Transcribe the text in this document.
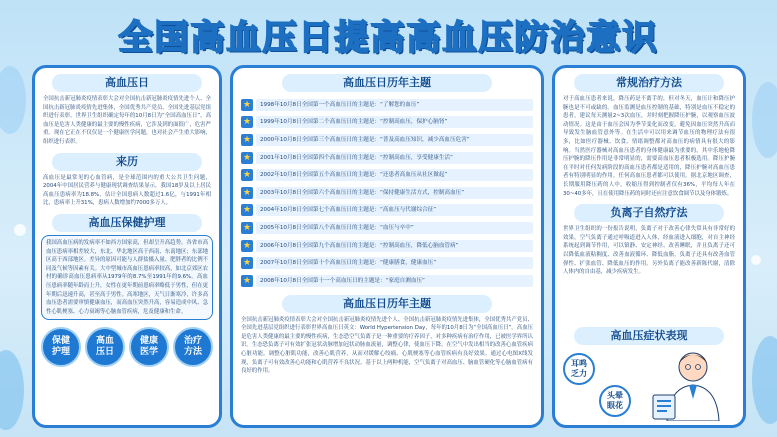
全国高血压日提高高血压防治意识
高血压日
全国抗击新冠肺炎疫情表彰大会对全国抗击新冠肺炎疫情先进个人、全国抗击新冠肺炎疫情先进集体，全国优秀共产党员、全国先进基层党组织进行表彰。世界卫生组织确定每年的10月8日为“全国高血压日”，高血压是危害人类健康的最主要的慢性疾病，它涉及到的面很广，危害严重。现在它正在不仅仅是一个健康医学问题，也对社会产生重大影响，组织进行表彰。
来历
高血压是最常见的心血管病，是全球范围内的重大公共卫生问题，2004年中国居民营养与健康现状调查结果显示，我国18岁及以上居民高血压患病率为18.8%，估计全国患病人数超过1.6亿，与1991年相比，患病率上升31%，患病人数增加约7000多万人。
高血压保健护理
我国高血压病的发病率不如西方国家高，但却呈升高趋势。各省市高血压患病率相差较大，东北、华北地区高于西南、东南地区；东部地区高于西部地区。差异的原因可能与人群盐摄入量、肥胖者的比例不同及气候等因素有关。大中型城市高血压患病率较高，如北京郊区农村的确诊高血压患病率从1979年的8.7%至1991年的9.6%。高血压患病率随年龄而上升，女性在更年期前患病率略低于男性，但在更年期后迅速升高，甚至高于男性。高寒地区，天气日渐寒冷，许多高血压患者需要审慎健康血压，而高血压突然升高，容易造成中风、急性心肌梗塞、心力衰竭等心脑血管疾病，危及健康和生命。
保健护理
高血压日
健康医学
治疗方法
高血压日历年主题
★	1998年10月8日全国第一个高血压日的主题是：“了解您的血压”
★	1999年10月8日全国第二个高血压日的主题是：“控制高血压，保护心脑肾”
★	2000年10月8日全国第三个高血压日的主题是：“普及高血压知识，减少高血压危害”
★	2001年10月8日全国第四个高血压日的主题是：“控制高血压，享受健康生活”
★	2002年10月8日全国第五个高血压日的主题是：“还患者高血压从社区做起”
★	2003年10月8日全国第六个高血压日的主题是：“保持健康生活方式，控制高血压”
★	2004年10月8日全国第七个高血压日的主题是：“高血压与代谢综合征”
★	2005年10月8日全国第八个高血压日的主题是：“血压与卒中”
★	2006年10月8日全国第九个高血压日的主题是：“控制高血压，降低心脑血管病”
★	2007年10月8日全国第十个高血压日的主题是：“健康膳食，健康血压”
★	2008年10月8日全国第十一个高血压日的主题是：“家庭自测血压”
高血压日历年主题
全国抗击新冠肺炎疫情表彰大会对全国抗击新冠肺炎疫情先进个人、全国抗击新冠肺炎疫情先进集体，全国优秀共产党员、全国先进基层党组织进行表彰世界高血压日英文：World Hypertension Day，每年的10月8日为“全国高血压日”。高血压是危害人类健康的最主要的慢性疾病，生态恐空气负离子是一种重要的疗养因子，对多种疾病有治疗作用，已被医学界所认识。生态恐负离子可有效扩张冠状动脉增加冠状动脉血流量，调整心律，使血压下降，在空气中发出相当的改善心血管疾病心脏功能，调整心脏肌功能，改善心肌营养，从而对缓解心绞痛、心肌梗塞等心血管疾病有良好效果。通过心电图X线发现，负离子可有效改善心功能和心肌营养不良状况。基于以上两种机能，空气负离子对高血压、脑血管硬化等心脑血管病有良好的作用。
常规治疗方法
对于高血压患者来说，降压药是不离手的，但对冬天，血压计和降压护腕也是不可或缺的。血压监测是血压控制的基础，特别是血压不稳定的患者，建议每天测量2~3次血压，并时刻把握降压护腕，以观察血压波动情况。这是由于血压会因为季节变化而改变，避免因血压突然升高而导致发生脑血管意外等。在生活中可以用来调节血压的物理疗法有很多，比如医疗器械、饮食、情绪调整都对高血压的病情具有很大的影响。当然医疗器械对高血压患者的身体健康最为重要的，其中乐地枪降压护腕的降压作用是非常明显的，需要高血压患者积极选用。降压护腕在平时对任何发病阶段的高血压患者都是适用的，降压护腕对高血压患者有特别明显的作用。任何高血压患者都可以使用。据北京地区调查，长期服用降压药的人中，收缩压得到控制者仅有36%，平均每人年在30~40多年，且在使用降压药的同时还应注意饮食调节以及身体锻炼。
负离子自然疗法
世界卫生组织的一份报告说明，负离子对于改善心律失常具有非常好的效果，空气负离子通过呼吸道进入人体，经血液进入细胞，对自主神经系统起到调节作用，可以镇静、安定神经、改善睡眠，并且负离子还可以降低血液粘稠度、改善血液循环、降低血脂。负离子还具有改善血管弹性、扩张血管、降低血压的作用。另外负离子能改善新陈代谢，清除人体内的自由基，减少疾病发生。
高血压症状表现
耳鸣乏力
头晕眼花
